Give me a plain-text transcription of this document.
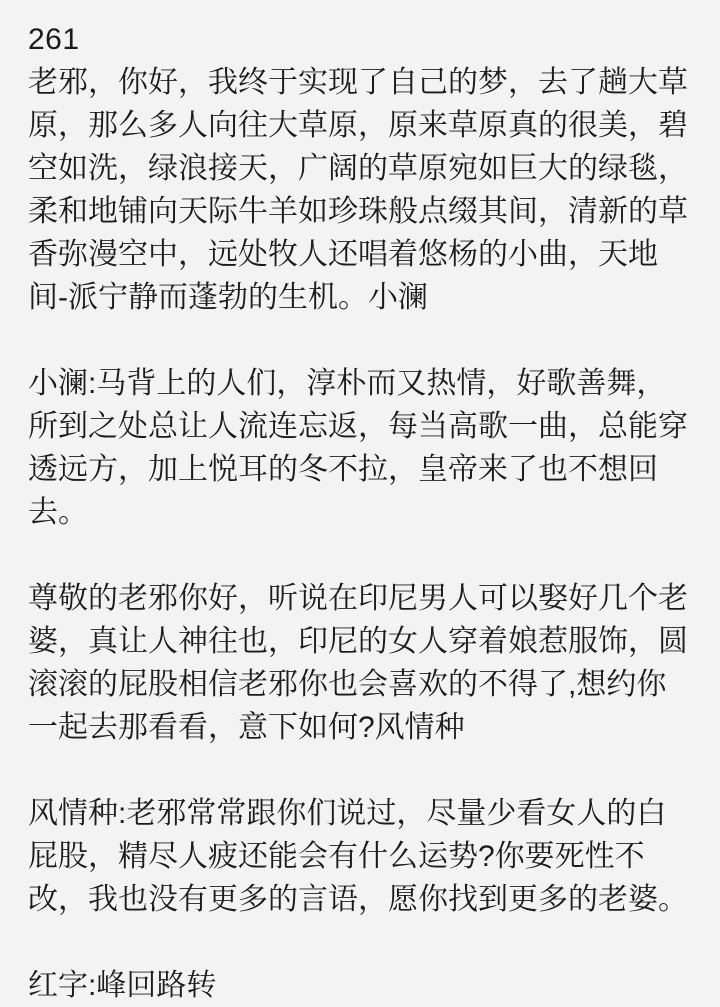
261

老邪，你好，我终于实现了自己的梦，去了趟大草原，那么多人向往大草原，原来草原真的很美，碧空如洗，绿浪接天，广阔的草原宛如巨大的绿毯，柔和地铺向天际牛羊如珍珠般点缀其间，清新的草香弥漫空中，远处牧人还唱着悠杨的小曲，天地间-派宁静而蓬勃的生机。小澜

小澜:马背上的人们，淳朴而又热情，好歌善舞，所到之处总让人流连忘返，每当高歌一曲，总能穿透远方，加上悦耳的冬不拉，皇帝来了也不想回去。

尊敬的老邪你好，听说在印尼男人可以娶好几个老婆，真让人神往也，印尼的女人穿着娘惹服饰，圆滚滚的屁股相信老邪你也会喜欢的不得了,想约你一起去那看看，意下如何?风情种

风情种:老邪常常跟你们说过，尽量少看女人的白屁股，精尽人疲还能会有什么运势?你要死性不改，我也没有更多的言语，愿你找到更多的老婆。

红字:峰回路转
